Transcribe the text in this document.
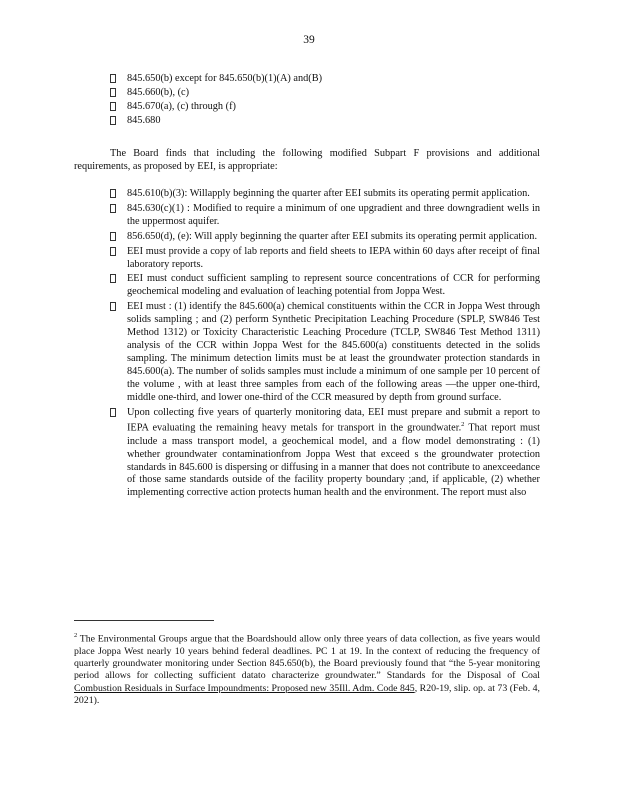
39
845.650(b) except for 845.650(b)(1)(A) and(B)
845.660(b), (c)
845.670(a), (c) through (f)
845.680

The Board finds that including the following modified Subpart F provisions and additional requirements, as proposed by EEI, is appropriate:

845.610(b)(3): Willapply beginning the quarter after EEI submits its operating permit application.
845.630(c)(1) : Modified to require a minimum of one upgradient and three downgradient wells in the uppermost aquifer.
856.650(d), (e): Will apply beginning the quarter after EEI submits its operating permit application.
EEI must provide a copy of lab reports and field sheets to IEPA within 60 days after receipt of final laboratory reports.
EEI must conduct sufficient sampling to represent source concentrations of CCR for performing geochemical modeling and evaluation of leaching potential from Joppa West.
EEI must : (1) identify the 845.600(a) chemical constituents within the CCR in Joppa West through solids sampling ; and (2) perform Synthetic Precipitation Leaching Procedure (SPLP, SW846 Test Method 1312) or Toxicity Characteristic Leaching Procedure (TCLP, SW846 Test Method 1311) analysis of the CCR within Joppa West for the 845.600(a) constituents detected in the solids sampling. The minimum detection limits must be at least the groundwater protection standards in 845.600(a). The number of solids samples must include a minimum of one sample per 10 percent of the volume , with at least three samples from each of the following areas —the upper one-third, middle one-third, and lower one-third of the CCR measured by depth from ground surface.
Upon collecting five years of quarterly monitoring data, EEI must prepare and submit a report to IEPA evaluating the remaining heavy metals for transport in the groundwater.$^2$ That report must include a mass transport model, a geochemical model, and a flow model demonstrating : (1) whether groundwater contaminationfrom Joppa West that exceed s the groundwater protection standards in 845.600 is dispersing or diffusing in a manner that does not contribute to anexceedance of those same standards outside of the facility property boundary ;and, if applicable, (2) whether implementing corrective action protects human health and the environment. The report must also

$^2$ The Environmental Groups argue that the Boardshould allow only three years of data collection, as five years would place Joppa West nearly 10 years behind federal deadlines. PC 1 at 19. In the context of reducing the frequency of quarterly groundwater monitoring under Section 845.650(b), the Board previously found that “the 5-year monitoring period allows for collecting sufficient datato characterize groundwater.” Standards for the Disposal of Coal Combustion Residuals in Surface Impoundments: Proposed new 35Ill. Adm. Code 845, R20-19, slip. op. at 73 (Feb. 4, 2021).
